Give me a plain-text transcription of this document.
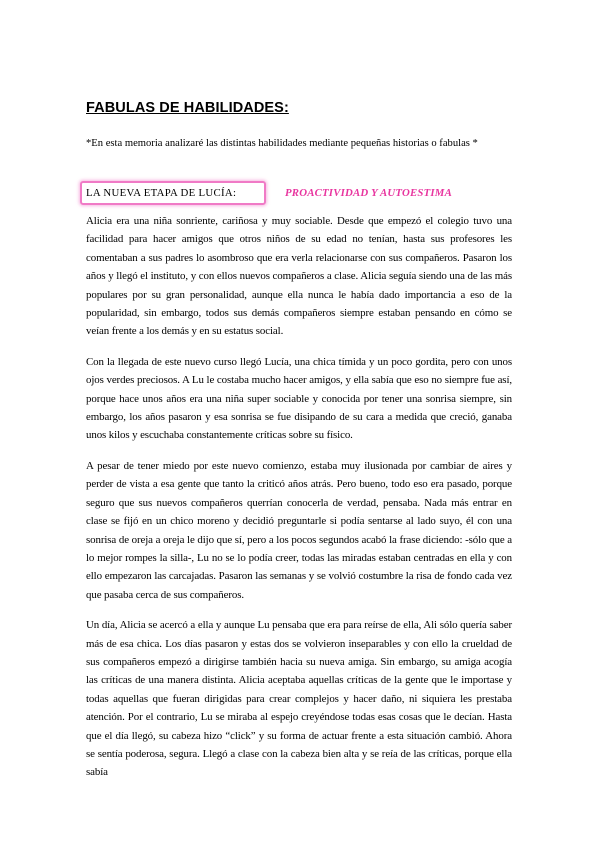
FABULAS DE HABILIDADES:
*En esta memoria analizaré las distintas habilidades mediante pequeñas historias o fabulas *
LA NUEVA ETAPA DE LUCÍA:	PROACTIVIDAD Y AUTOESTIMA

Alicia era una niña sonriente, cariñosa y muy sociable. Desde que empezó el colegio tuvo una facilidad para hacer amigos que otros niños de su edad no tenían, hasta sus profesores les comentaban a sus padres lo asombroso que era verla relacionarse con sus compañeros. Pasaron los años y llegó el instituto, y con ellos nuevos compañeros a clase. Alicia seguía siendo una de las más populares por su gran personalidad, aunque ella nunca le había dado importancia a eso de la popularidad, sin embargo, todos sus demás compañeros siempre estaban pensando en cómo se veían frente a los demás y en su estatus social.

Con la llegada de este nuevo curso llegó Lucía, una chica tímida y un poco gordita, pero con unos ojos verdes preciosos. A Lu le costaba mucho hacer amigos, y ella sabía que eso no siempre fue así, porque hace unos años era una niña super sociable y conocida por tener una sonrisa siempre, sin embargo, los años pasaron y esa sonrisa se fue disipando de su cara a medida que creció, ganaba unos kilos y escuchaba constantemente críticas sobre su físico.

A pesar de tener miedo por este nuevo comienzo, estaba muy ilusionada por cambiar de aires y perder de vista a esa gente que tanto la criticó años atrás. Pero bueno, todo eso era pasado, porque seguro que sus nuevos compañeros querrían conocerla de verdad, pensaba. Nada más entrar en clase se fijó en un chico moreno y decidió preguntarle si podía sentarse al lado suyo, él con una sonrisa de oreja a oreja le dijo que sí, pero a los pocos segundos acabó la frase diciendo: -sólo que a lo mejor rompes la silla-, Lu no se lo podía creer, todas las miradas estaban centradas en ella y con ello empezaron las carcajadas. Pasaron las semanas y se volvió costumbre la risa de fondo cada vez que pasaba cerca de sus compañeros.

Un día, Alicia se acercó a ella y aunque Lu pensaba que era para reírse de ella, Ali sólo quería saber más de esa chica. Los días pasaron y estas dos se volvieron inseparables y con ello la crueldad de sus compañeros empezó a dirigirse también hacia su nueva amiga. Sin embargo, su amiga acogía las críticas de una manera distinta. Alicia aceptaba aquellas críticas de la gente que le importase y todas aquellas que fueran dirigidas para crear complejos y hacer daño, ni siquiera les prestaba atención. Por el contrario, Lu se miraba al espejo creyéndose todas esas cosas que le decían. Hasta que el día llegó, su cabeza hizo “click” y su forma de actuar frente a esta situación cambió. Ahora se sentía poderosa, segura. Llegó a clase con la cabeza bien alta y se reía de las críticas, porque ella sabía
